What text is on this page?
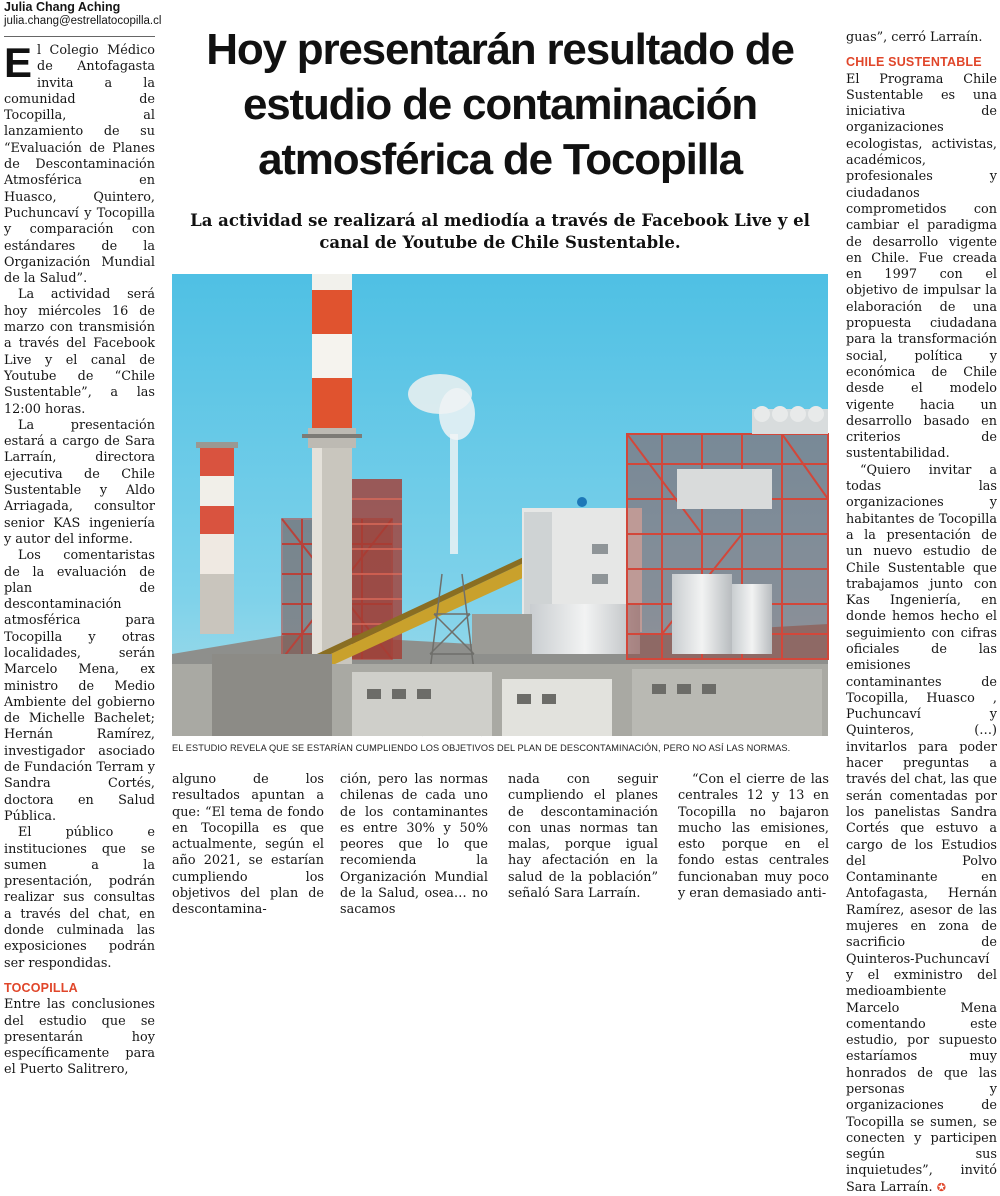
Julia Chang Aching
julia.chang@estrellatocopilla.cl

El Colegio Médico de Antofagasta invita a la comunidad de Tocopilla, al lanzamiento de su “Evaluación de Planes de Descontaminación Atmosférica en Huasco, Quintero, Puchuncaví y Tocopilla y comparación con estándares de la Organización Mundial de la Salud”.

La actividad será hoy miércoles 16 de marzo con transmisión a través del Facebook Live y el canal de Youtube de “Chile Sustentable”, a las 12:00 horas.

La presentación estará a cargo de Sara Larraín, directora ejecutiva de Chile Sustentable y Aldo Arriagada, consultor senior KAS ingeniería y autor del informe.

Los comentaristas de la evaluación de plan de descontaminación atmosférica para Tocopilla y otras localidades, serán Marcelo Mena, ex ministro de Medio Ambiente del gobierno de Michelle Bachelet; Hernán Ramírez, investigador asociado de Fundación Terram y Sandra Cortés, doctora en Salud Pública.

El público e instituciones que se sumen a la presentación, podrán realizar sus consultas a través del chat, en donde culminada las exposiciones podrán ser respondidas.

TOCOPILLA

Entre las conclusiones del estudio que se presentarán hoy específicamente para el Puerto Salitrero,

Hoy presentarán resultado de estudio de contaminación atmosférica de Tocopilla

La actividad se realizará al mediodía a través de Facebook Live y el canal de Youtube de Chile Sustentable.

EL ESTUDIO REVELA QUE SE ESTARÍAN CUMPLIENDO LOS OBJETIVOS DEL PLAN DE DESCONTAMINACIÓN, PERO NO ASÍ LAS NORMAS.

alguno de los resultados apuntan a que: “El tema de fondo en Tocopilla es que actualmente, según el año 2021, se estarían cumpliendo los objetivos del plan de descontamina-

ción, pero las normas chilenas de cada uno de los contaminantes es entre 30% y 50% peores que lo que recomienda la Organización Mundial de la Salud, osea… no sacamos

nada con seguir cumpliendo el planes de descontaminación con unas normas tan malas, porque igual hay afectación en la salud de la población” señaló Sara Larraín.

“Con el cierre de las centrales 12 y 13 en Tocopilla no bajaron mucho las emisiones, esto porque en el fondo estas centrales funcionaban muy poco y eran demasiado anti-

guas”, cerró Larraín.

CHILE SUSTENTABLE

El Programa Chile Sustentable es una iniciativa de organizaciones ecologistas, activistas, académicos, profesionales y ciudadanos comprometidos con cambiar el paradigma de desarrollo vigente en Chile. Fue creada en 1997 con el objetivo de impulsar la elaboración de una propuesta ciudadana para la transformación social, política y económica de Chile desde el modelo vigente hacia un desarrollo basado en criterios de sustentabilidad.

“Quiero invitar a todas las organizaciones y habitantes de Tocopilla a la presentación de un nuevo estudio de Chile Sustentable que trabajamos junto con Kas Ingeniería, en donde hemos hecho el seguimiento con cifras oficiales de las emisiones contaminantes de Tocopilla, Huasco , Puchuncaví y Quinteros, (…) invitarlos para poder hacer preguntas a través del chat, las que serán comentadas por los panelistas Sandra Cortés que estuvo a cargo de los Estudios del Polvo Contaminante en Antofagasta, Hernán Ramírez, asesor de las mujeres en zona de sacrificio de Quinteros-Puchuncaví y el exministro del medioambiente Marcelo Mena comentando este estudio, por supuesto estaríamos muy honrados de que las personas y organizaciones de Tocopilla se sumen, se conecten y participen según sus inquietudes”, invitó Sara Larraín. ✪
